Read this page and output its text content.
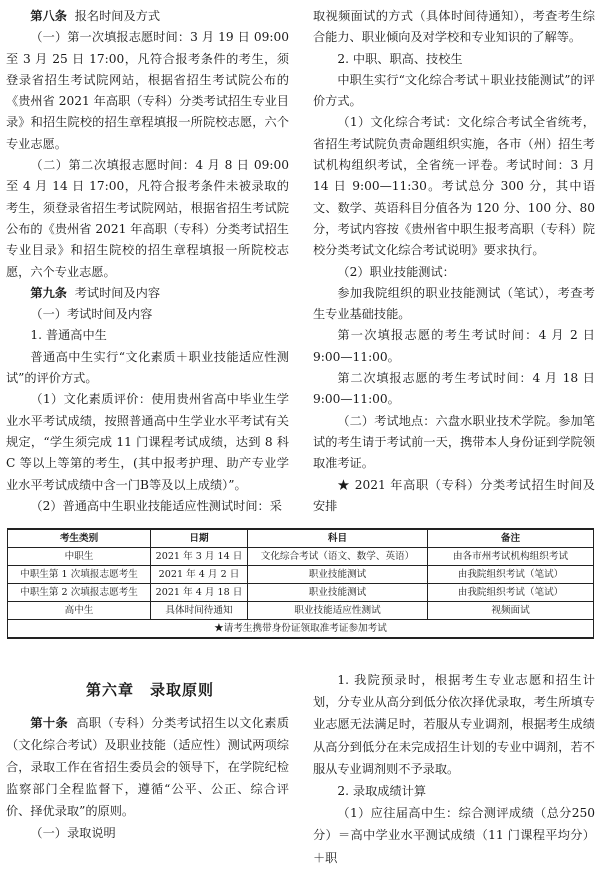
第八条 报名时间及方式

（一）第一次填报志愿时间：3 月 19 日 09:00 至 3 月 25 日 17:00，凡符合报考条件的考生，须登录省招生考试院网站，根据省招生考试院公布的《贵州省 2021 年高职（专科）分类考试招生专业目录》和招生院校的招生章程填报一所院校志愿，六个专业志愿。

（二）第二次填报志愿时间：4 月 8 日 09:00 至 4 月 14 日 17:00，凡符合报考条件未被录取的考生，须登录省招生考试院网站，根据省招生考试院公布的《贵州省 2021 年高职（专科）分类考试招生专业目录》和招生院校的招生章程填报一所院校志愿，六个专业志愿。

第九条 考试时间及内容

（一）考试时间及内容

1. 普通高中生

普通高中生实行“文化素质＋职业技能适应性测试”的评价方式。

（1）文化素质评价：使用贵州省高中毕业生学业水平考试成绩，按照普通高中生学业水平考试有关规定，“学生须完成 11 门课程考试成绩，达到 8 科 C 等以上等第的考生，(其中报考护理、助产专业学业水平考试成绩中含一门B等及以上成绩）”。

（2）普通高中生职业技能适应性测试时间：采

取视频面试的方式（具体时间待通知），考查考生综合能力、职业倾向及对学校和专业知识的了解等。

2. 中职、职高、技校生

中职生实行“文化综合考试＋职业技能测试”的评价方式。

（1）文化综合考试：文化综合考试全省统考，省招生考试院负责命题组织实施，各市（州）招生考试机构组织考试，全省统一评卷。考试时间：3 月 14 日 9:00—11:30。考试总分 300 分，其中语文、数学、英语科目分值各为 120 分、100 分、80 分，考试内容按《贵州省中职生报考高职（专科）院校分类考试文化综合考试说明》要求执行。

（2）职业技能测试：

参加我院组织的职业技能测试（笔试），考查考生专业基础技能。

第一次填报志愿的考生考试时间：4 月 2 日 9:00—11:00。

第二次填报志愿的考生考试时间：4 月 18 日 9:00—11:00。

（二）考试地点：六盘水职业技术学院。参加笔试的考生请于考试前一天，携带本人身份证到学院领取准考证。

★ 2021 年高职（专科）分类考试招生时间及安排

考生类别	日期	科目	备注
中职生	2021 年 3 月 14 日	文化综合考试（语文、数学、英语）	由各市州考试机构组织考试
中职生第 1 次填报志愿考生	2021 年 4 月 2 日	职业技能测试	由我院组织考试（笔试）
中职生第 2 次填报志愿考生	2021 年 4 月 18 日	职业技能测试	由我院组织考试（笔试）
高中生	具体时间待通知	职业技能适应性测试	视频面试
★请考生携带身份证领取准考证参加考试			
第六章　录取原则

第十条 高职（专科）分类考试招生以文化素质（文化综合考试）及职业技能（适应性）测试两项综合，录取工作在省招生委员会的领导下，在学院纪检监察部门全程监督下，遵循“公平、公正、综合评价、择优录取”的原则。

（一）录取说明

1. 我院预录时，根据考生专业志愿和招生计划，分专业从高分到低分依次择优录取，考生所填专业志愿无法满足时，若服从专业调剂，根据考生成绩从高分到低分在未完成招生计划的专业中调剂，若不服从专业调剂则不予录取。

2. 录取成绩计算

（1）应往届高中生：综合测评成绩（总分250分）＝高中学业水平测试成绩（11 门课程平均分）＋职
